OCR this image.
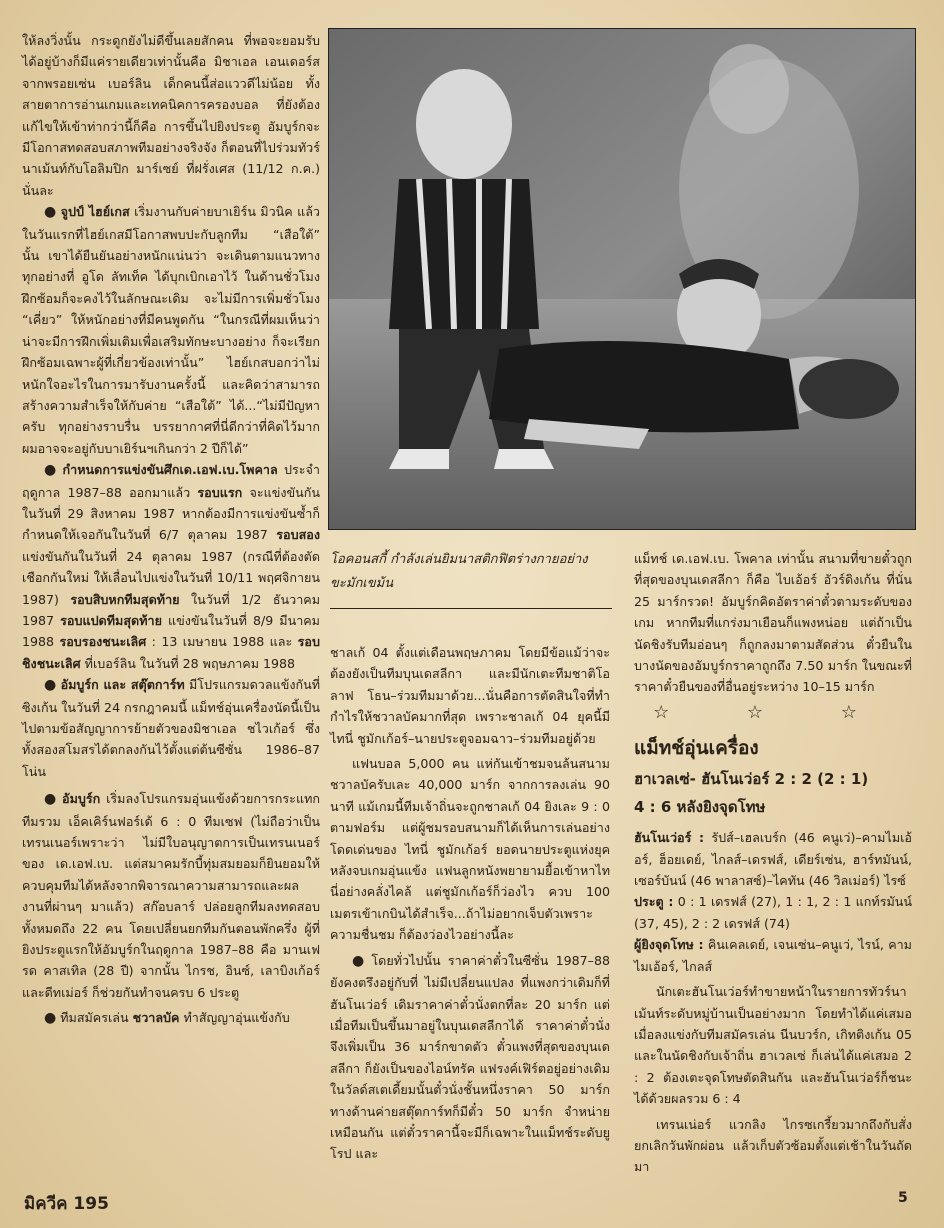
ให้ลงวิ่งนั้น กระดูกยังไม่ดีขึ้นเลยสักคน ที่พอจะยอมรับได้อยู่บ้างก็มีแค่รายเดียวเท่านั้นคือ มิชาเอล เอนเดอร์ส จากพรอยเซ่น เบอร์ลิน เด็กคนนี้ส่อแววดีไม่น้อย ทั้งสายตาการอ่านเกมและเทคนิคการครองบอล ที่ยังต้องแก้ไขให้เข้าท่ากว่านี้ก็คือ การขึ้นไปยิงประตู อัมบูร์กจะมีโอกาสทดสอบสภาพทีมอย่างจริงจัง ก็ตอนที่ไปร่วมทัวร์นาเม้นท์กับโอลิมปิก มาร์เซย์ ที่ฝรั่งเศส (11/12 ก.ค.) นั่นละ

● จูปป์ ไฮย์เกส เริ่มงานกับค่ายบาเยิร์น มิวนิค แล้ว ในวันแรกที่ไฮย์เกสมีโอกาสพบปะกับลูกทีม “เสือใต้” นั้น เขาได้ยืนยันอย่างหนักแน่นว่า จะเดินตามแนวทางทุกอย่างที่ อูโด ลัทเท็ค ได้บุกเบิกเอาไว้ ในด้านชั่วโมงฝึกซ้อมก็จะคงไว้ในลักษณะเดิม จะไม่มีการเพิ่มชั่วโมง “เคี่ยว” ให้หนักอย่างที่มีคนพูดกัน “ในกรณีที่ผมเห็นว่าน่าจะมีการฝึกเพิ่มเติมเพื่อเสริมทักษะบางอย่าง ก็จะเรียกฝึกซ้อมเฉพาะผู้ที่เกี่ยวข้องเท่านั้น” ไฮย์เกสบอกว่าไม่หนักใจอะไรในการมารับงานครั้งนี้ และคิดว่าสามารถสร้างความสำเร็จให้กับค่าย “เสือใต้” ได้...“ไม่มีปัญหาครับ ทุกอย่างราบรื่น บรรยากาศที่นี่ดีกว่าที่คิดไว้มาก ผมอาจจะอยู่กับบาเยิร์นฯเกินกว่า 2 ปีก็ได้”

● กำหนดการแข่งขันศึกเด.เอฟ.เบ.โพคาล ประจำฤดูกาล 1987–88 ออกมาแล้ว รอบแรก จะแข่งขันกันในวันที่ 29 สิงหาคม 1987 หากต้องมีการแข่งขันซ้ำก็กำหนดให้เจอกันในวันที่ 6/7 ตุลาคม 1987 รอบสอง แข่งขันกันในวันที่ 24 ตุลาคม 1987 (กรณีที่ต้องตัดเชือกกันใหม่ ให้เลื่อนไปแข่งในวันที่ 10/11 พฤศจิกายน 1987) รอบสิบหกทีมสุดท้าย ในวันที่ 1/2 ธันวาคม 1987 รอบแปดทีมสุดท้าย แข่งขันในวันที่ 8/9 มีนาคม 1988 รอบรองชนะเลิศ : 13 เมษายน 1988 และ รอบชิงชนะเลิศ ที่เบอร์ลิน ในวันที่ 28 พฤษภาคม 1988

● อัมบูร์ก และ สตุ๊ตการ์ท มีโปรแกรมดวลแข้งกันที่ซิงเก้น ในวันที่ 24 กรกฎาคมนี้ แม็ทช์อุ่นเครื่องนัดนี้เป็นไปตามข้อสัญญาการย้ายตัวของมิชาเอล ชไวเก้อร์ ซึ่งทั้งสองสโมสรได้ตกลงกันไว้ตั้งแต่ต้นซีซั่น 1986–87 โน่น

● อัมบูร์ก เริ่มลงโปรแกรมอุ่นแข้งด้วยการกระแทกทีมรวม เอ็คเคิร์นฟอร์เด้ 6 : 0 ทีมเซฟ (ไม่ถือว่าเป็นเทรนเนอร์เพราะว่า ไม่มีใบอนุญาตการเป็นเทรนเนอร์ของ เด.เอฟ.เบ. แต่สมาคมรักบี้ทุ่มสมยอมก็ยินยอมให้ควบคุมทีมได้หลังจากพิจารณาความสามารถและผลงานที่ผ่านๆ มาแล้ว) สก๊อบลาร์ ปล่อยลูกทีมลงทดสอบทั้งหมดถึง 22 คน โดยเปลี่ยนยกทีมกันตอนพักครึ่ง ผู้ที่ยิงประตูแรกให้อัมบูร์กในฤดูกาล 1987–88 คือ มานเฟรด คาสเทิล (28 ปี) จากนั้น ไกรช, อินซ์, เลาบิงเก้อร์ และดีทเม่อร์ ก็ช่วยกันทำจนครบ 6 ประตู

● ทีมสมัครเล่น ชวาลบัค ทำสัญญาอุ่นแข้งกับ

โอคอนสกี้ กำลังเล่นยิมนาสติกฟิตร่างกายอย่างขะมักเขม้น

ชาลเก้ 04 ตั้งแต่เดือนพฤษภาคม โดยมีข้อแม้ว่าจะต้องยังเป็นทีมบุนเดสลีกา และมีนักเตะทีมชาติโอลาฟ โธน–ร่วมทีมมาด้วย...นั่นคือการตัดสินใจที่ทำกำไรให้ชวาลบัคมากที่สุด เพราะชาลเก้ 04 ยุคนี้มี ไทนี่ ชูมักเก้อร์–นายประตูจอมฉาว–ร่วมทีมอยู่ด้วย

แฟนบอล 5,000 คน แห่กันเข้าชมจนล้นสนามชวาลบัครับเละ 40,000 มาร์ก จากการลงเล่น 90 นาที แม้เกมนี้ทีมเจ้าถิ่นจะถูกชาลเก้ 04 ยิงเละ 9 : 0 ตามฟอร์ม แต่ผู้ชมรอบสนามก็ได้เห็นการเล่นอย่างโดดเด่นของ ไทนี่ ชูมักเก้อร์ ยอดนายประตูแห่งยุค หลังจบเกมอุ่นแข้ง แฟนลูกหนังพยายามยื้อเข้าหาไทนี่อย่างคลั่งไคล้ แต่ชูมักเก้อร์ก็ว่องไว ควบ 100 เมตรเข้าเกบินได้สำเร็จ...ถ้าไม่อยากเจ็บตัวเพราะความชื่นชม ก็ต้องว่องไวอย่างนี้ละ

● โดยทั่วไปนั้น ราคาค่าตั๋วในซีซั่น 1987–88 ยังคงตรึงอยู่กับที่ ไม่มีเปลี่ยนแปลง ที่แพงกว่าเดิมก็ที่ฮันโนเว่อร์ เดิมราคาค่าตั๋วนั่งตกที่ละ 20 มาร์ก แต่เมื่อทีมเป็นขึ้นมาอยู่ในบุนเดสลีกาได้ ราคาค่าตั๋วนั่งจึงเพิ่มเป็น 36 มาร์กขาดตัว ตั๋วแพงที่สุดของบุนเดสลีกา ก็ยังเป็นของไอน์ทรัค แฟรงค์เฟิร์ตอยู่อย่างเดิม ในวัลด์สเตเดี้ยมนั้นตั๋วนั่งชั้นหนึ่งราคา 50 มาร์ก ทางด้านค่ายสตุ๊ตการ์ทก็มีตั๋ว 50 มาร์ก จำหน่ายเหมือนกัน แต่ตั๋วราคานี้จะมีก็เฉพาะในแม็ทช์ระดับยูโรป และ

แม็ทช์ เด.เอฟ.เบ. โพคาล เท่านั้น สนามที่ขายตั๋วถูกที่สุดของบุนเดสลีกา ก็คือ ไบเอ้อร์ อัวร์ดิงเก้น ที่นั่น 25 มาร์กรวด! อัมบูร์กคิดอัตราค่าตั๋วตามระดับของเกม หากทีมที่แกร่งมาเยือนก็แพงหน่อย แต่ถ้าเป็นนัดชิงรับทีมอ่อนๆ ก็ถูกลงมาตามสัดส่วน ตั๋วยืนในบางนัดของอัมบูร์กราคาถูกถึง 7.50 มาร์ก ในขณะที่ราคาตั๋วยืนของที่อื่นอยู่ระหว่าง 10–15 มาร์ก

☆ ☆ ☆
แม็ทช์อุ่นเครื่อง
ฮาเวลเซ่- ฮันโนเว่อร์ 2 : 2 (2 : 1)
4 : 6 หลังยิงจุดโทษ

ฮันโนเว่อร์ : รัปส์–เฮลเบร์ก (46 คนูเว่)–คามไมเอ้อร์, ฮ็อยเดย์, ไกลส์–เดรฟส์, เดียร์เซ่น, ฮาร์ทมันน์, เซอร์บันน์ (46 พาลาสซ์)–ไคทัน (46 วิลเม่อร์) ไรซ์

ประตู : 0 : 1 เดรฟส์ (27), 1 : 1, 2 : 1 แกท์รมันน์ (37, 45), 2 : 2 เดรฟส์ (74)

ผู้ยิงจุดโทษ : คินเคลเดย์, เจนเซ่น–คนูเว่, ไรน์, คามไมเอ้อร์, ไกลส์

นักเตะฮันโนเว่อร์ทำขายหน้าในรายการทัวร์นาเม้นท์ระดับหมู่บ้านเป็นอย่างมาก โดยทำได้แค่เสมอเมื่อลงแข่งกับทีมสมัครเล่น นีนบวร์ก, เกิทติงเก้น 05 และในนัดชิงกับเจ้าถิ่น ฮาเวลเซ่ ก็เล่นได้แค่เสมอ 2 : 2 ต้องเตะจุดโทษตัดสินกัน และฮันโนเว่อร์ก็ชนะได้ด้วยผลรวม 6 : 4

เทรนเน่อร์ แวกลิง ไกรซเกรี้ยวมากถึงกับสั่งยกเลิกวันพักผ่อน แล้วเก็บตัวซ้อมตั้งแต่เช้าในวันถัดมา

มิควีค 195	5
